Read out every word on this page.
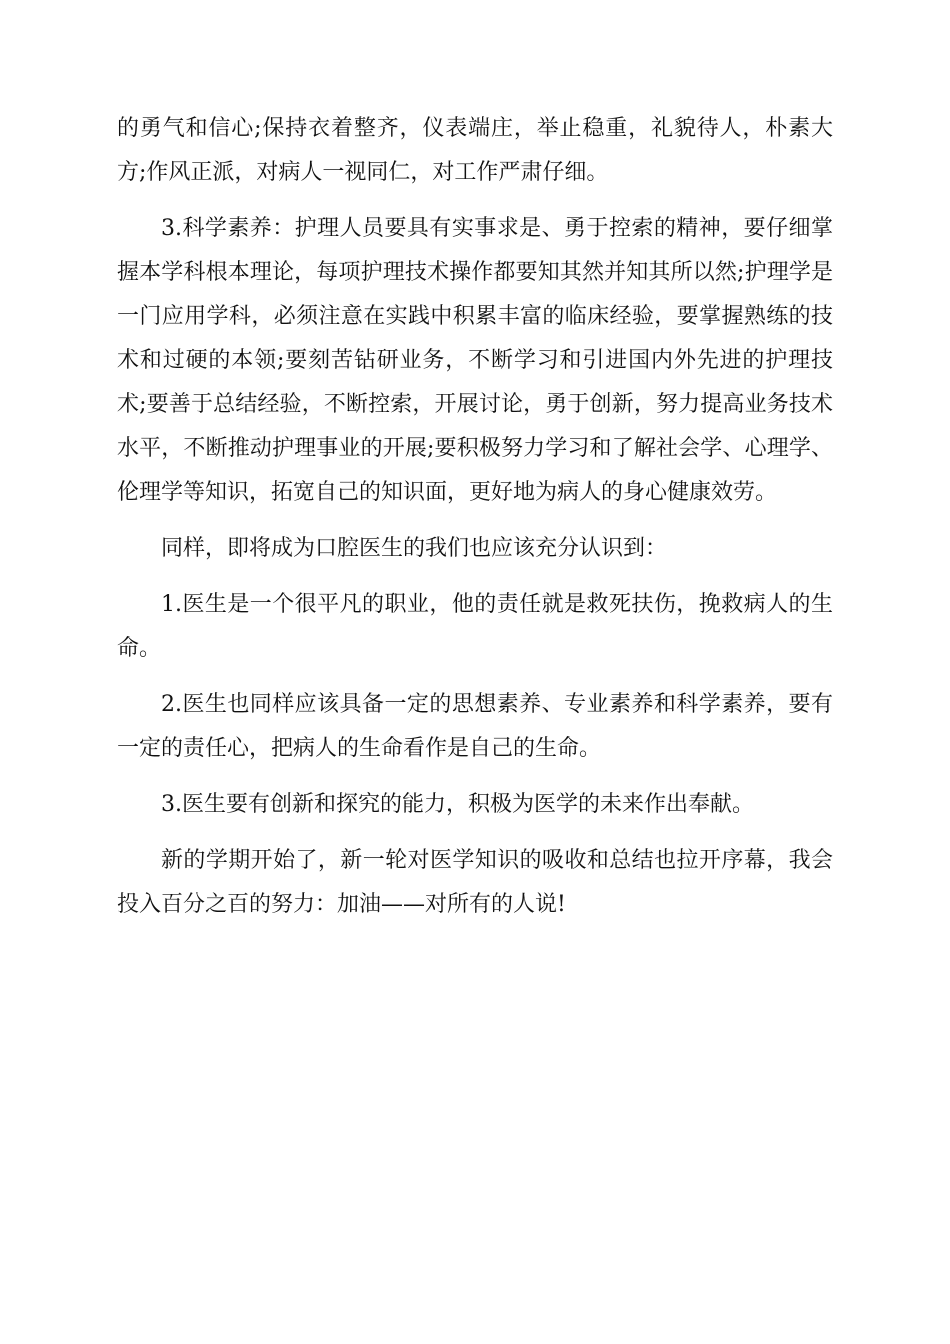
的勇气和信心;保持衣着整齐，仪表端庄，举止稳重，礼貌待人，朴素大方;作风正派，对病人一视同仁，对工作严肃仔细。

3.科学素养：护理人员要具有实事求是、勇于控索的精神，要仔细掌握本学科根本理论，每项护理技术操作都要知其然并知其所以然;护理学是一门应用学科，必须注意在实践中积累丰富的临床经验，要掌握熟练的技术和过硬的本领;要刻苦钻研业务，不断学习和引进国内外先进的护理技术;要善于总结经验，不断控索，开展讨论，勇于创新，努力提高业务技术水平，不断推动护理事业的开展;要积极努力学习和了解社会学、心理学、伦理学等知识，拓宽自己的知识面，更好地为病人的身心健康效劳。

同样，即将成为口腔医生的我们也应该充分认识到：

1.医生是一个很平凡的职业，他的责任就是救死扶伤，挽救病人的生命。

2.医生也同样应该具备一定的思想素养、专业素养和科学素养，要有一定的责任心，把病人的生命看作是自己的生命。

3.医生要有创新和探究的能力，积极为医学的未来作出奉献。

新的学期开始了，新一轮对医学知识的吸收和总结也拉开序幕，我会投入百分之百的努力：加油——对所有的人说!
